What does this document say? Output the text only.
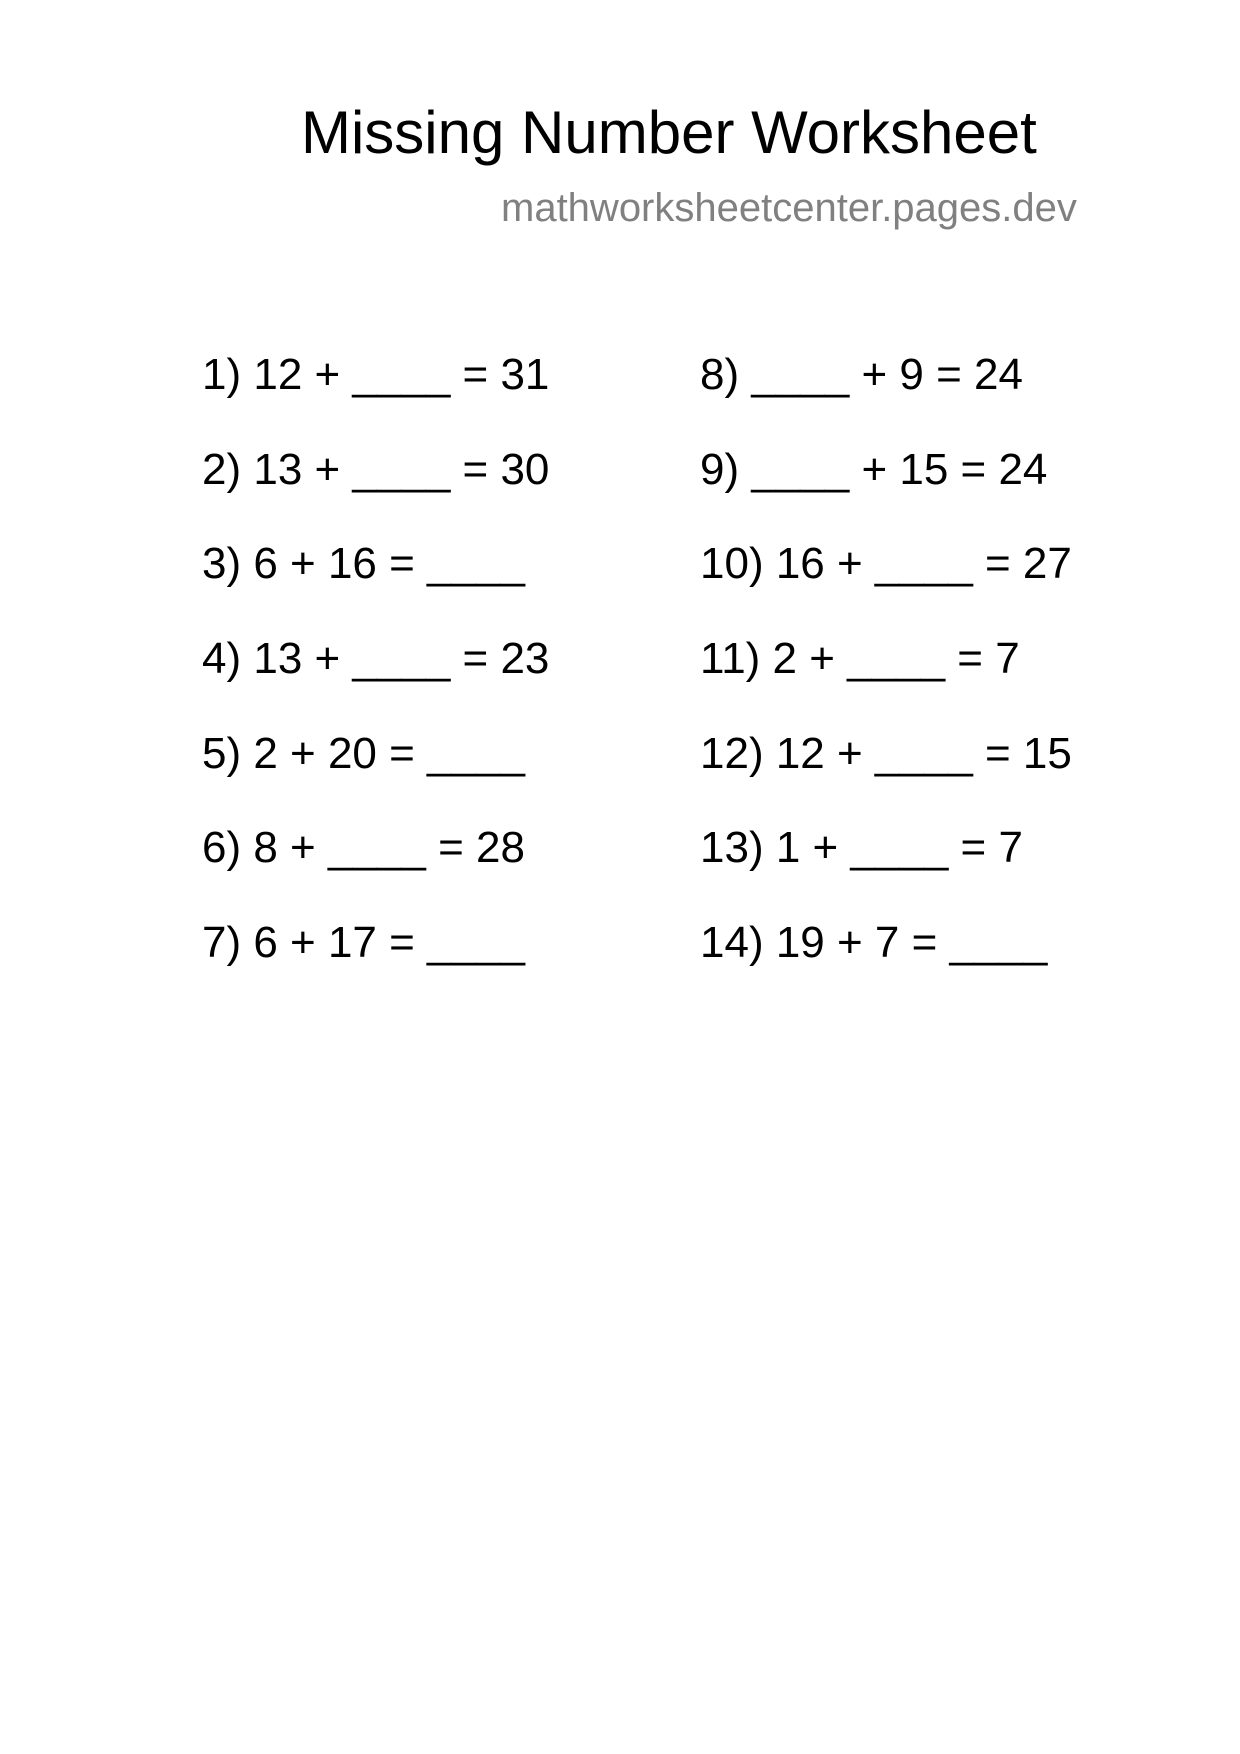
Missing Number Worksheet
mathworksheetcenter.pages.dev
1) 12 + ____ = 31
2) 13 + ____ = 30
3) 6 + 16 = ____
4) 13 + ____ = 23
5) 2 + 20 = ____
6) 8 + ____ = 28
7) 6 + 17 = ____
8) ____ + 9 = 24
9) ____ + 15 = 24
10) 16 + ____ = 27
11) 2 + ____ = 7
12) 12 + ____ = 15
13) 1 + ____ = 7
14) 19 + 7 = ____
